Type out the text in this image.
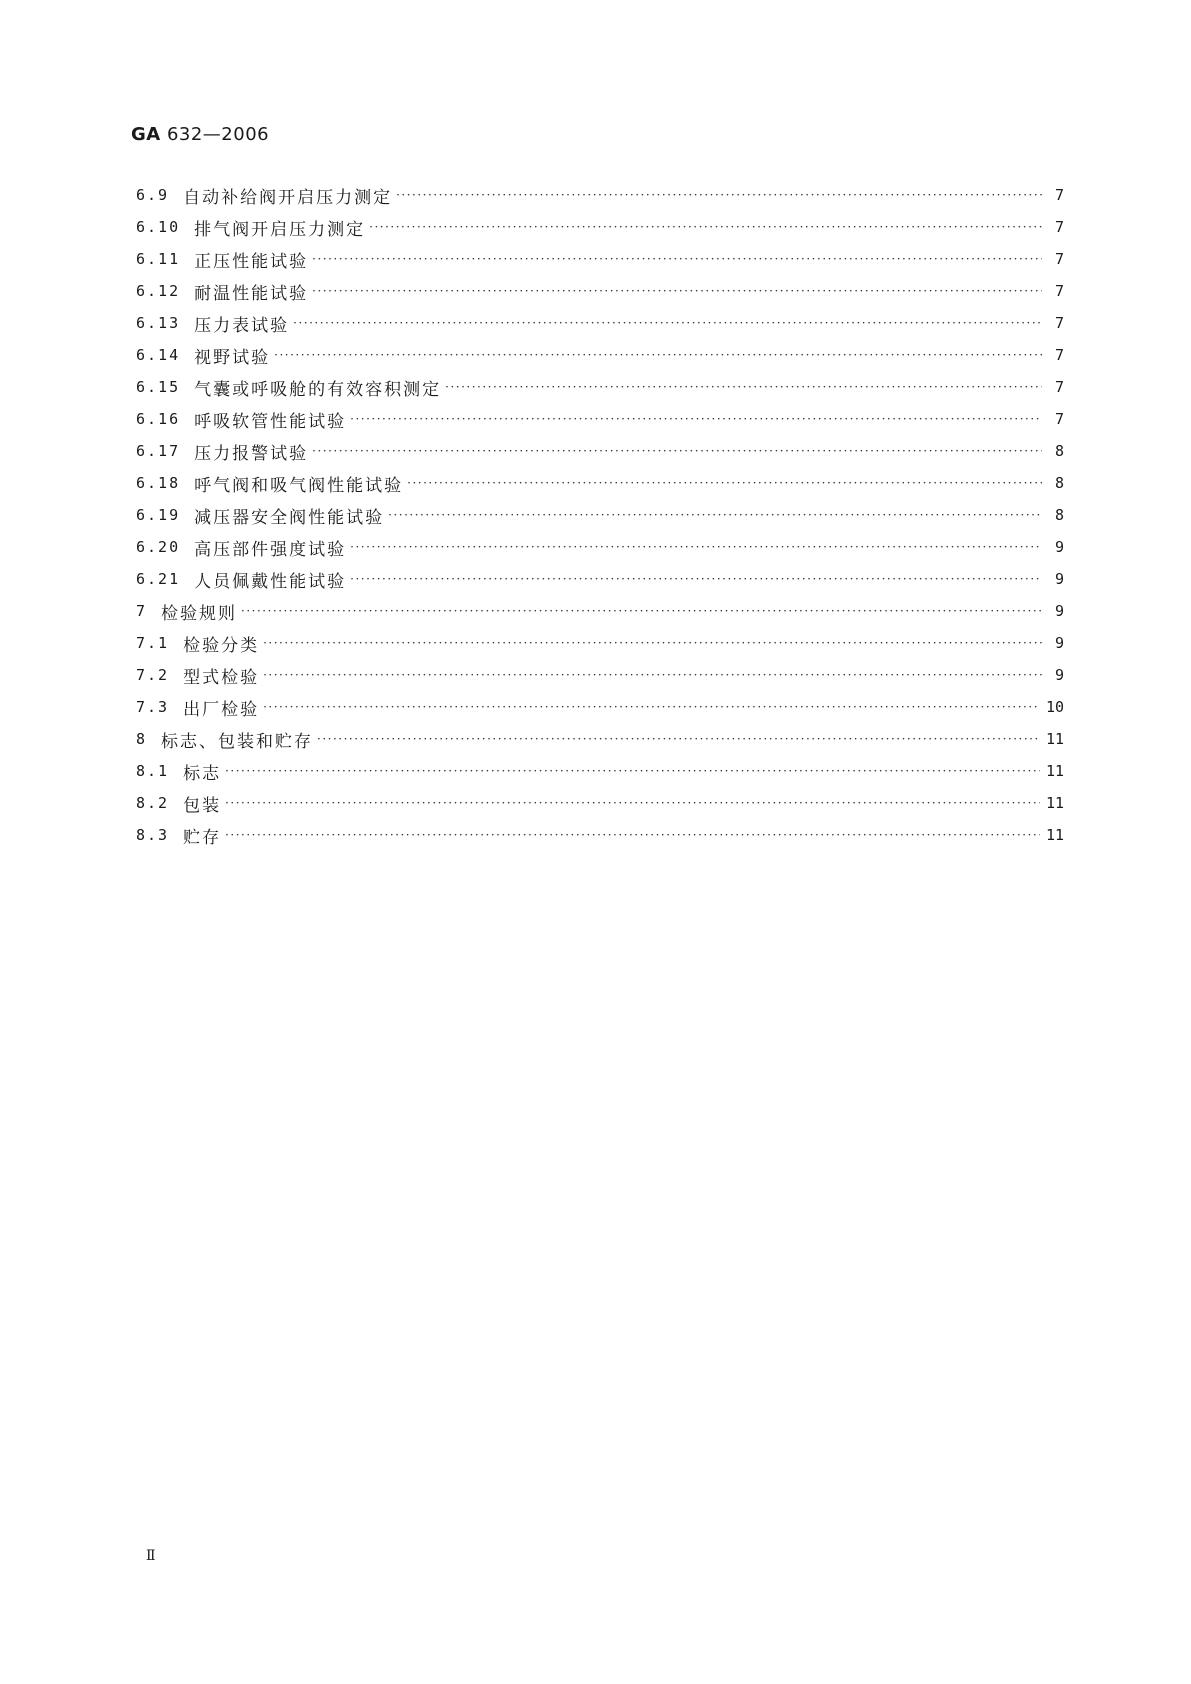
GA 632—2006
6.9 自动补给阀开启压力测定 ·····	7
6.10 排气阀开启压力测定 ·····	7
6.11 正压性能试验 ·····	7
6.12 耐温性能试验 ·····	7
6.13 压力表试验 ·····	7
6.14 视野试验 ·····	7
6.15 气囊或呼吸舱的有效容积测定 ·····	7
6.16 呼吸软管性能试验 ·····	7
6.17 压力报警试验 ·····	8
6.18 呼气阀和吸气阀性能试验 ·····	8
6.19 减压器安全阀性能试验 ·····	8
6.20 高压部件强度试验 ·····	9
6.21 人员佩戴性能试验 ·····	9
7 检验规则 ·····	9
7.1 检验分类 ·····	9
7.2 型式检验 ·····	9
7.3 出厂检验 ·····	10
8 标志、包装和贮存 ·····	11
8.1 标志 ·····	11
8.2 包装 ·····	11
8.3 贮存 ·····	11
Ⅱ
